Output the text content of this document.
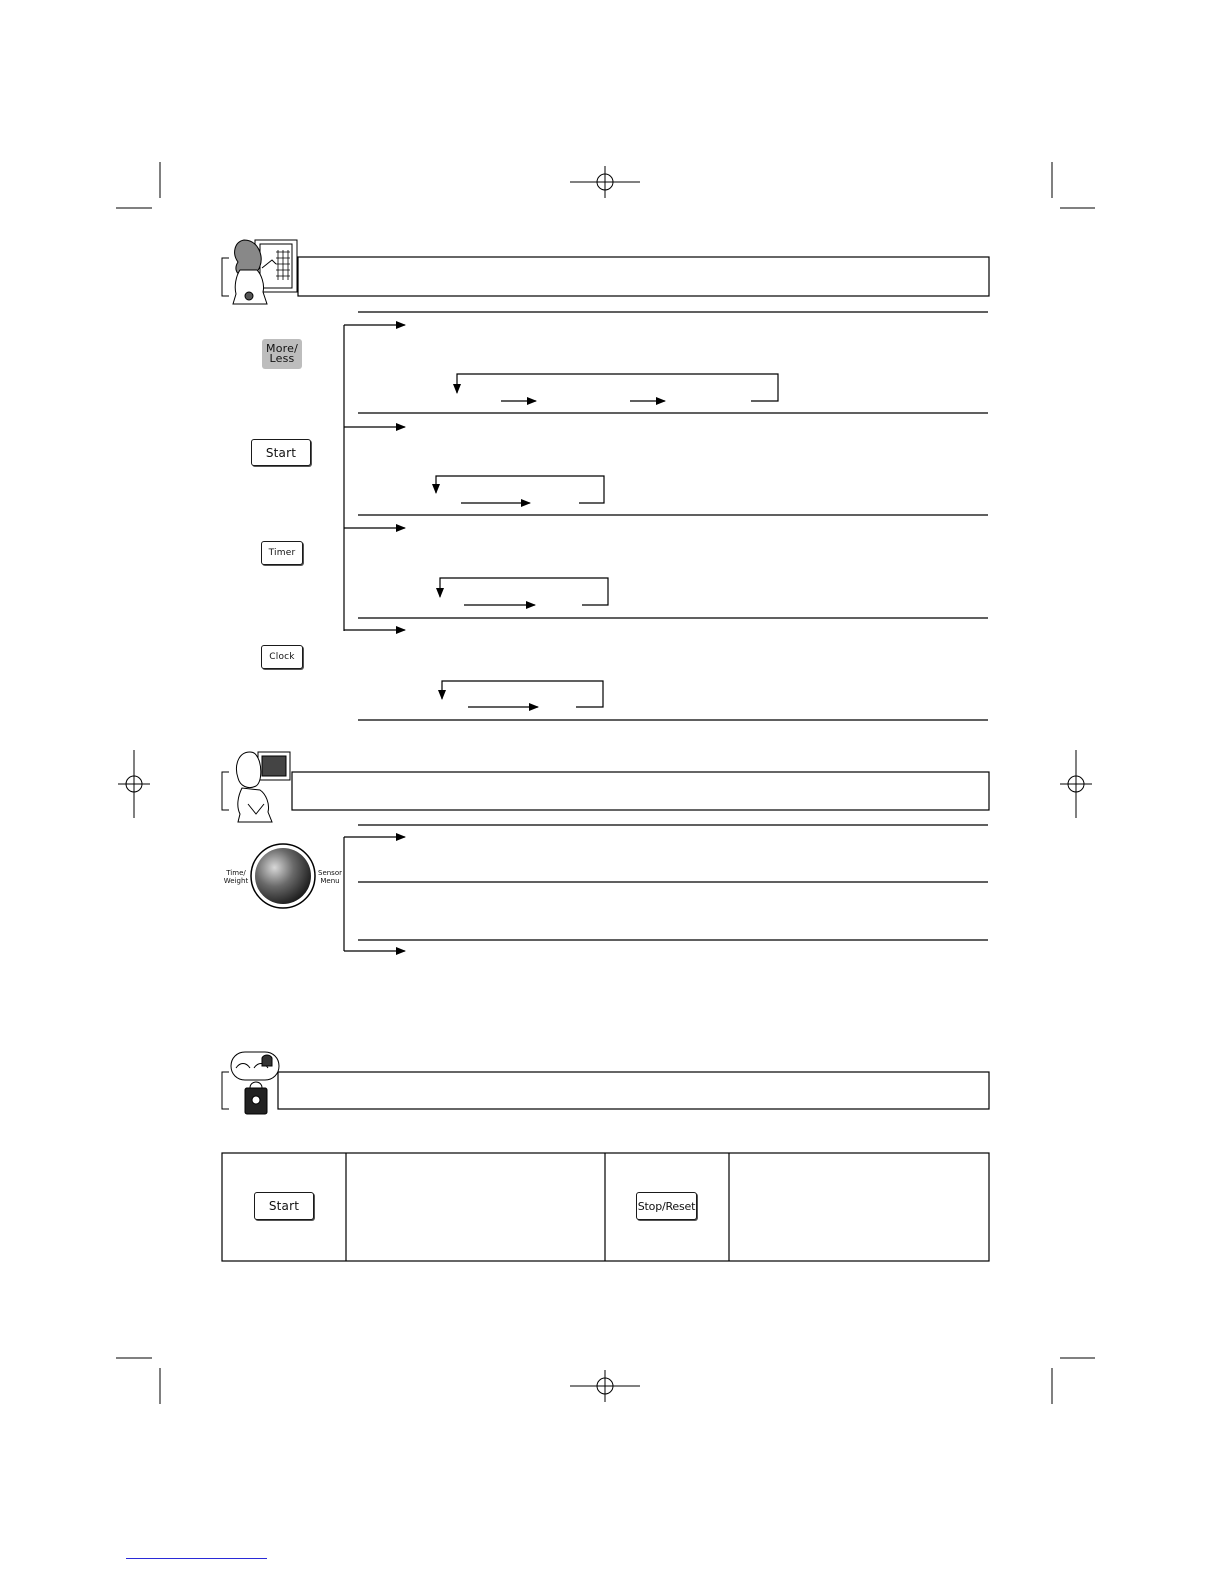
More/
Less
Start
Timer
Clock
Time/
Weight
Sensor
Menu
Start	Stop/Reset
